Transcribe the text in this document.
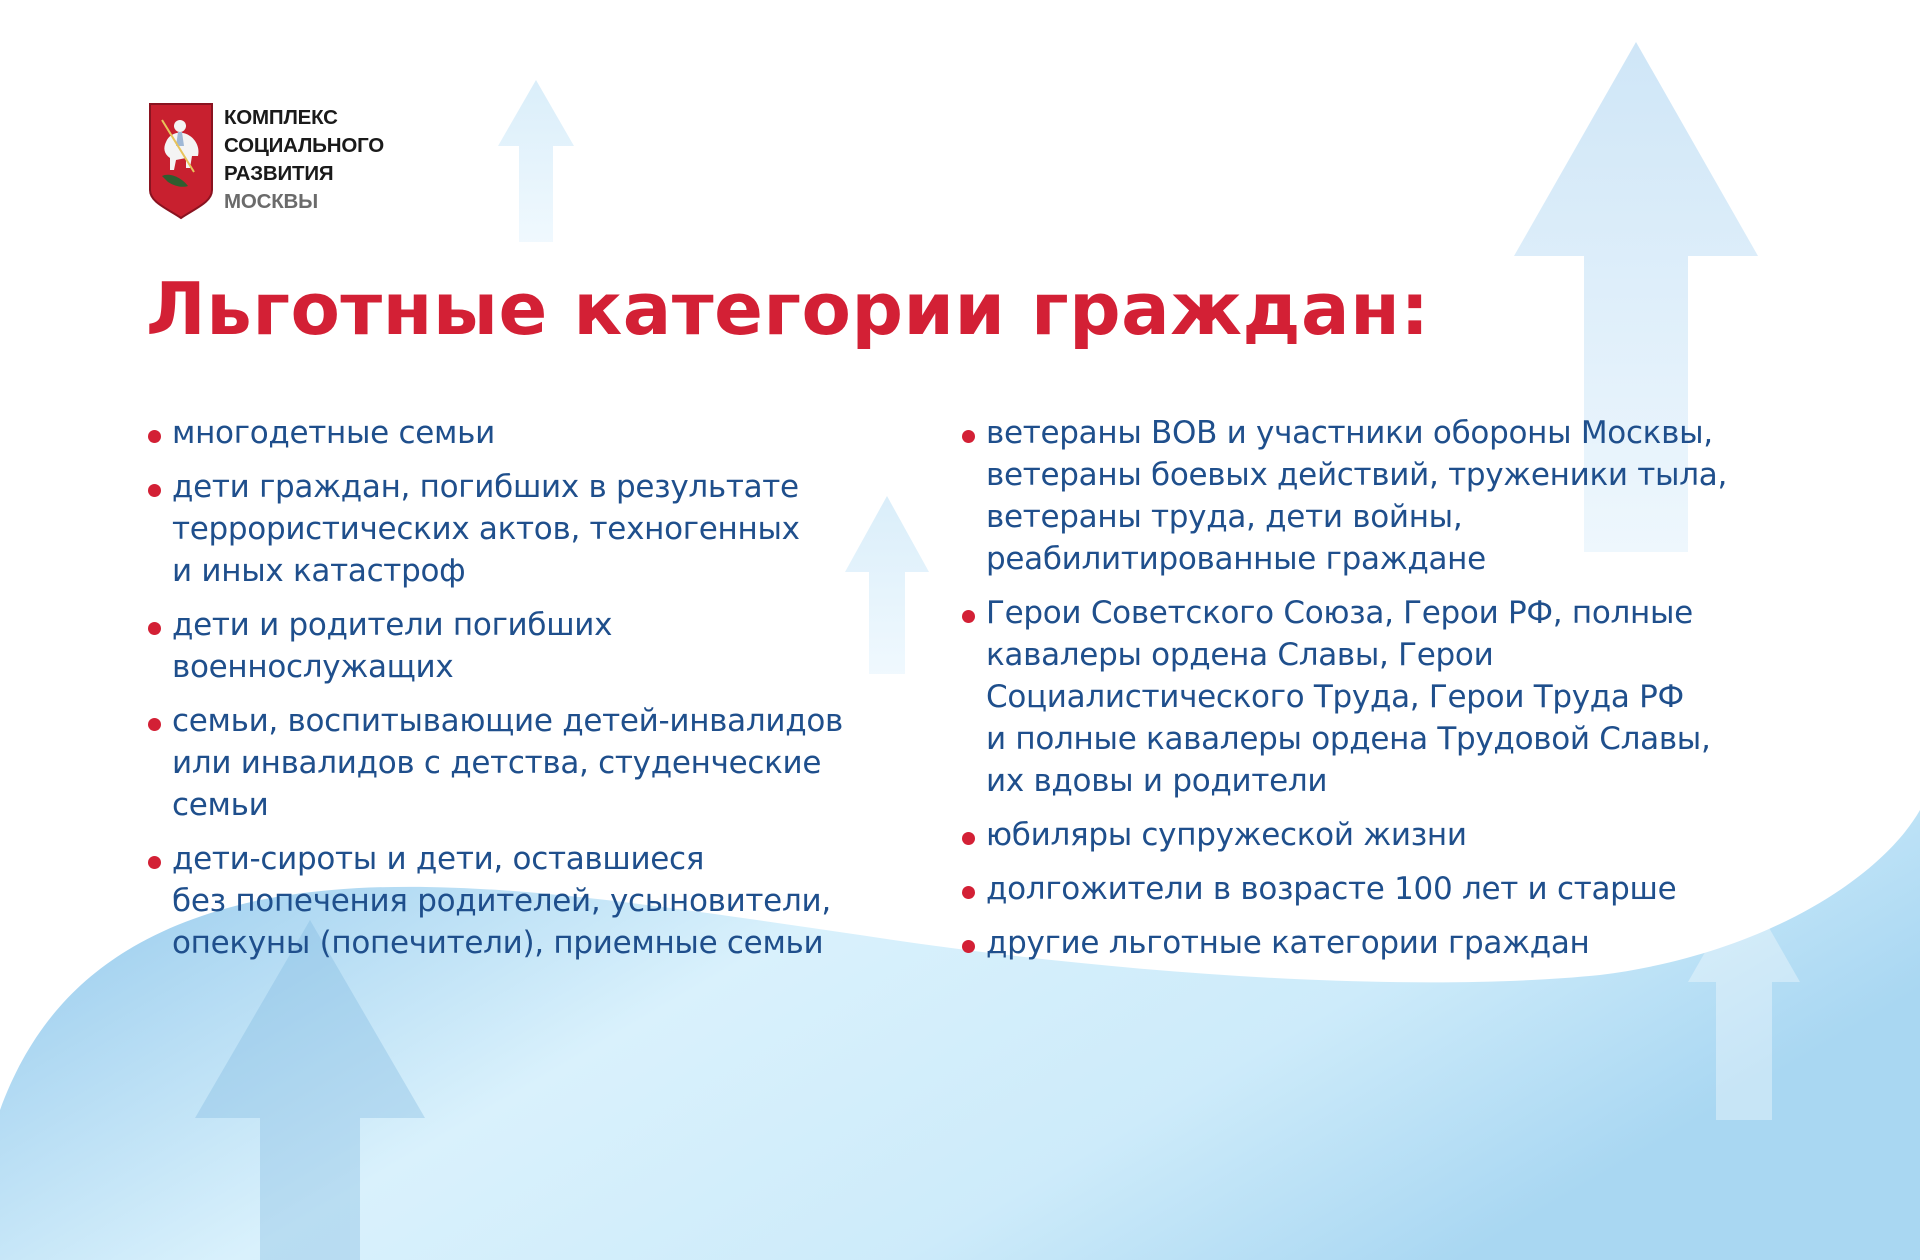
КОМПЛЕКС
СОЦИАЛЬНОГО
РАЗВИТИЯ
МОСКВЫ
Льготные категории граждан:
многодетные семьи
дети граждан, погибших в результате
террористических актов, техногенных
и иных катастроф
дети и родители погибших
военнослужащих
семьи, воспитывающие детей-инвалидов
или инвалидов с детства, студенческие
семьи
дети-сироты и дети, оставшиеся
без попечения родителей, усыновители,
опекуны (попечители), приемные семьи
ветераны ВОВ и участники обороны Москвы,
ветераны боевых действий, труженики тыла,
ветераны труда, дети войны,
реабилитированные граждане
Герои Советского Союза, Герои РФ, полные
кавалеры ордена Славы, Герои
Социалистического Труда, Герои Труда РФ
и полные кавалеры ордена Трудовой Славы,
их вдовы и родители
юбиляры супружеской жизни
долгожители в возрасте 100 лет и старше
другие льготные категории граждан
